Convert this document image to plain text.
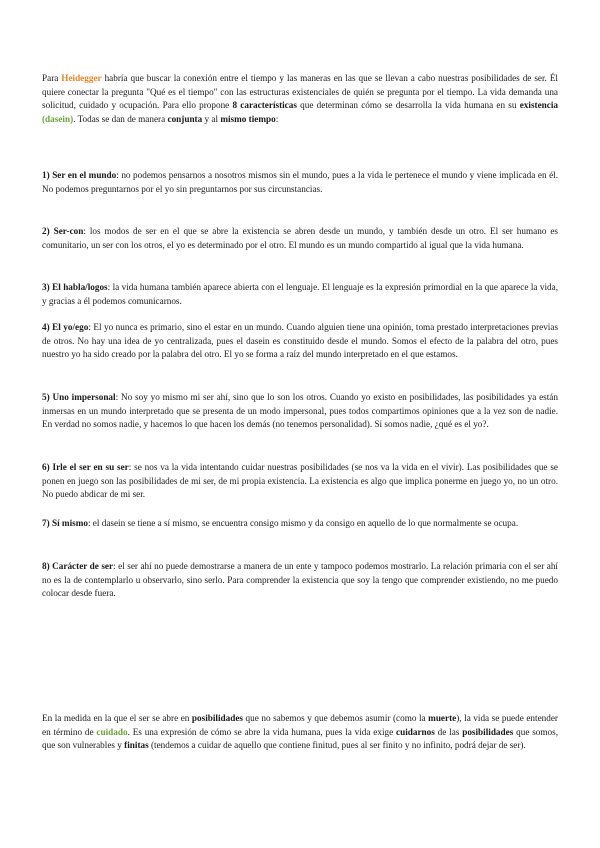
Para Heidegger habría que buscar la conexión entre el tiempo y las maneras en las que se llevan a cabo nuestras posibilidades de ser. Él quiere conectar la pregunta "Qué es el tiempo" con las estructuras existenciales de quién se pregunta por el tiempo. La vida demanda una solicitud, cuidado y ocupación. Para ello propone 8 características que determinan cómo se desarrolla la vida humana en su existencia (dasein). Todas se dan de manera conjunta y al mismo tiempo:

1) Ser en el mundo: no podemos pensarnos a nosotros mismos sin el mundo, pues a la vida le pertenece el mundo y viene implicada en él. No podemos preguntarnos por el yo sin preguntarnos por sus circunstancias.

2) Ser-con: los modos de ser en el que se abre la existencia se abren desde un mundo, y también desde un otro. El ser humano es comunitario, un ser con los otros, el yo es determinado por el otro. El mundo es un mundo compartido al igual que la vida humana.

3) El habla/logos: la vida humana también aparece abierta con el lenguaje. El lenguaje es la expresión primordial en la que aparece la vida, y gracias a él podemos comunicarnos.

4) El yo/ego: El yo nunca es primario, sino el estar en un mundo. Cuando alguien tiene una opinión, toma prestado interpretaciones previas de otros. No hay una idea de yo centralizada, pues el dasein es constituido desde el mundo. Somos el efecto de la palabra del otro, pues nuestro yo ha sido creado por la palabra del otro. El yo se forma a raíz del mundo interpretado en el que estamos.

5) Uno impersonal: No soy yo mismo mi ser ahí, sino que lo son los otros. Cuando yo existo en posibilidades, las posibilidades ya están inmersas en un mundo interpretado que se presenta de un modo impersonal, pues todos compartimos opiniones que a la vez son de nadie. En verdad no somos nadie, y hacemos lo que hacen los demás (no tenemos personalidad). Si somos nadie, ¿qué es el yo?.

6) Irle el ser en su ser: se nos va la vida intentando cuidar nuestras posibilidades (se nos va la vida en el vivir). Las posibilidades que se ponen en juego son las posibilidades de mi ser, de mi propia existencia. La existencia es algo que implica ponerme en juego yo, no un otro. No puedo abdicar de mi ser.

7) Sí mismo: el dasein se tiene a sí mismo, se encuentra consigo mismo y da consigo en aquello de lo que normalmente se ocupa.

8) Carácter de ser: el ser ahí no puede demostrarse a manera de un ente y tampoco podemos mostrarlo. La relación primaria con el ser ahí no es la de contemplarlo u observarlo, sino serlo. Para comprender la existencia que soy la tengo que comprender existiendo, no me puedo colocar desde fuera.

En la medida en la que el ser se abre en posibilidades que no sabemos y que debemos asumir (como la muerte), la vida se puede entender en término de cuidado. Es una expresión de cómo se abre la vida humana, pues la vida exige cuidarnos de las posibilidades que somos, que son vulnerables y finitas (tendemos a cuidar de aquello que contiene finitud, pues al ser finito y no infinito, podrá dejar de ser).
